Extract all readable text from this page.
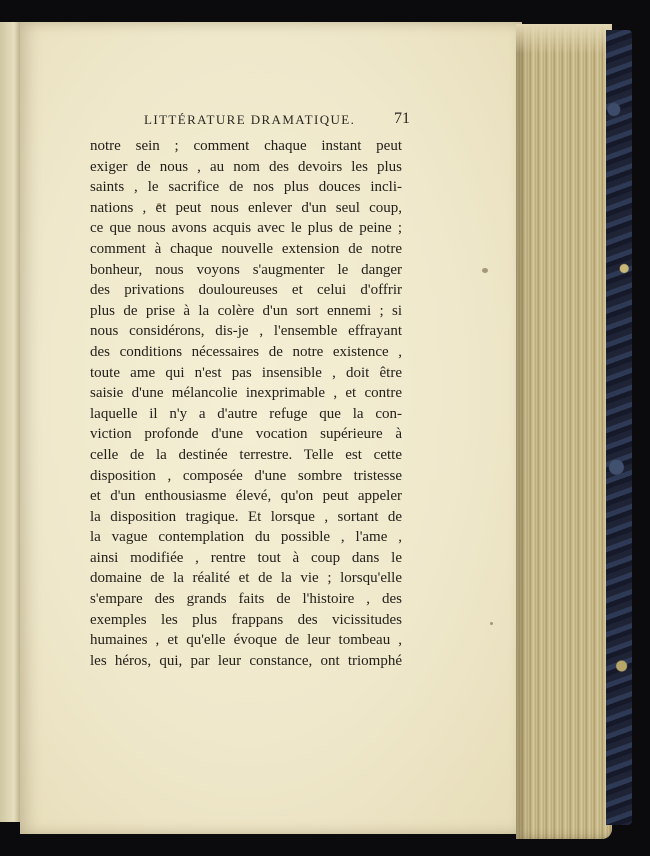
LITTÉRATURE DRAMATIQUE.	71
notre sein ; comment chaque instant peut
exiger de nous , au nom des devoirs les plus
saints , le sacrifice de nos plus douces incli-
nations , et peut nous enlever d'un seul coup,
ce que nous avons acquis avec le plus de peine ;
comment à chaque nouvelle extension de notre
bonheur, nous voyons s'augmenter le danger
des privations douloureuses et celui d'offrir
plus de prise à la colère d'un sort ennemi ; si
nous considérons, dis-je , l'ensemble effrayant
des conditions nécessaires de notre existence ,
toute ame qui n'est pas insensible , doit être
saisie d'une mélancolie inexprimable , et contre
laquelle il n'y a d'autre refuge que la con-
viction profonde d'une vocation supérieure à
celle de la destinée terrestre. Telle est cette
disposition , composée d'une sombre tristesse
et d'un enthousiasme élevé, qu'on peut appeler
la disposition tragique. Et lorsque , sortant de
la vague contemplation du possible , l'ame ,
ainsi modifiée , rentre tout à coup dans le
domaine de la réalité et de la vie ; lorsqu'elle
s'empare des grands faits de l'histoire , des
exemples les plus frappans des vicissitudes
humaines , et qu'elle évoque de leur tombeau ,
les héros, qui, par leur constance, ont triomphé
